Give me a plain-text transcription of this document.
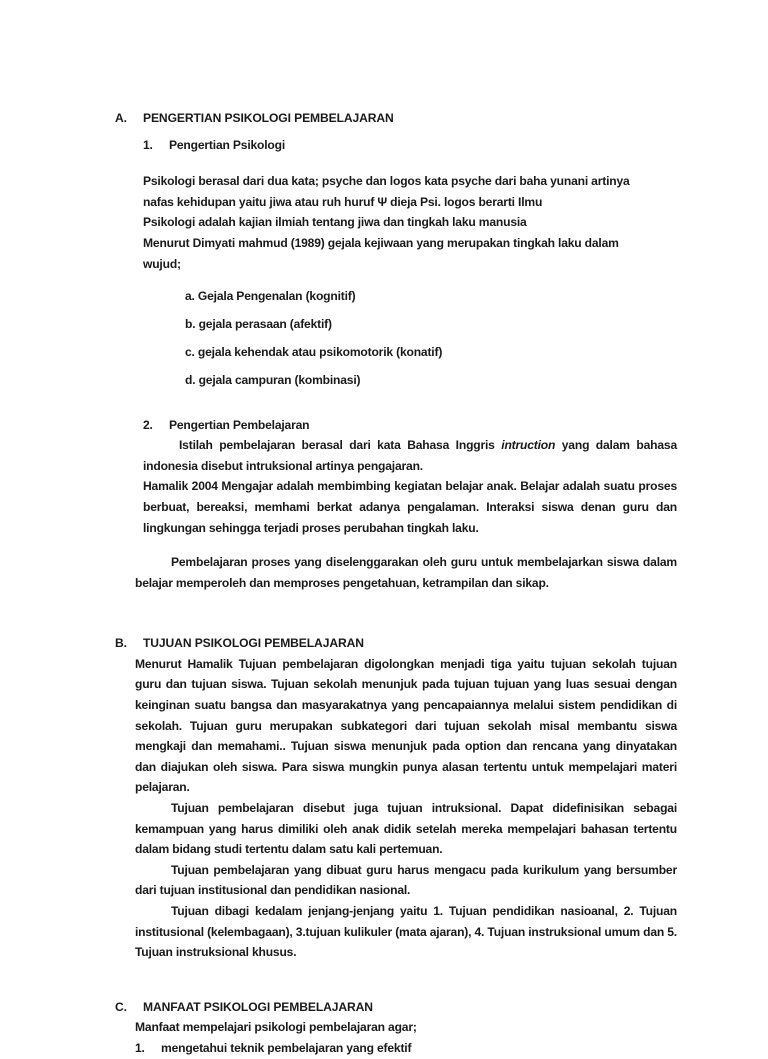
A.	PENGERTIAN PSIKOLOGI PEMBELAJARAN
1.	Pengertian Psikologi
Psikologi berasal dari dua kata; psyche dan logos kata psyche dari baha yunani artinya
nafas kehidupan yaitu jiwa atau ruh huruf Ψ dieja Psi. logos berarti Ilmu
Psikologi adalah kajian ilmiah tentang jiwa dan tingkah laku manusia
Menurut Dimyati mahmud (1989) gejala kejiwaan yang merupakan tingkah laku dalam
wujud;
a. Gejala Pengenalan (kognitif)
b. gejala perasaan (afektif)
c. gejala kehendak atau psikomotorik (konatif)
d. gejala campuran (kombinasi)
2.	Pengertian Pembelajaran
Istilah pembelajaran berasal dari kata Bahasa Inggris intruction yang dalam bahasa indonesia disebut intruksional artinya pengajaran.
Hamalik 2004 Mengajar adalah membimbing kegiatan belajar anak. Belajar adalah suatu proses berbuat, bereaksi, memhami berkat adanya pengalaman. Interaksi siswa denan guru dan lingkungan sehingga terjadi proses perubahan tingkah laku.
Pembelajaran proses yang diselenggarakan oleh guru untuk membelajarkan siswa dalam belajar memperoleh dan memproses pengetahuan, ketrampilan dan sikap.
B.	TUJUAN PSIKOLOGI PEMBELAJARAN
Menurut Hamalik Tujuan pembelajaran digolongkan menjadi tiga yaitu tujuan sekolah tujuan guru dan tujuan siswa. Tujuan sekolah menunjuk pada tujuan tujuan yang luas sesuai dengan keinginan suatu bangsa dan masyarakatnya yang pencapaiannya melalui sistem pendidikan di sekolah. Tujuan guru merupakan subkategori dari tujuan sekolah misal membantu siswa mengkaji dan memahami.. Tujuan siswa menunjuk pada option dan rencana yang dinyatakan dan diajukan oleh siswa. Para siswa mungkin punya alasan tertentu untuk mempelajari materi pelajaran.
Tujuan pembelajaran disebut juga tujuan intruksional. Dapat didefinisikan sebagai kemampuan yang harus dimiliki oleh anak didik setelah mereka mempelajari bahasan tertentu dalam bidang studi tertentu dalam satu kali pertemuan.
Tujuan pembelajaran yang dibuat guru harus mengacu pada kurikulum yang bersumber dari tujuan institusional dan pendidikan nasional.
Tujuan dibagi kedalam jenjang-jenjang yaitu 1. Tujuan pendidikan nasioanal, 2. Tujuan institusional (kelembagaan), 3.tujuan kulikuler (mata ajaran), 4. Tujuan instruksional umum dan 5. Tujuan instruksional khusus.
C.	MANFAAT PSIKOLOGI PEMBELAJARAN
Manfaat mempelajari psikologi pembelajaran agar;
1.	mengetahui teknik pembelajaran yang efektif
